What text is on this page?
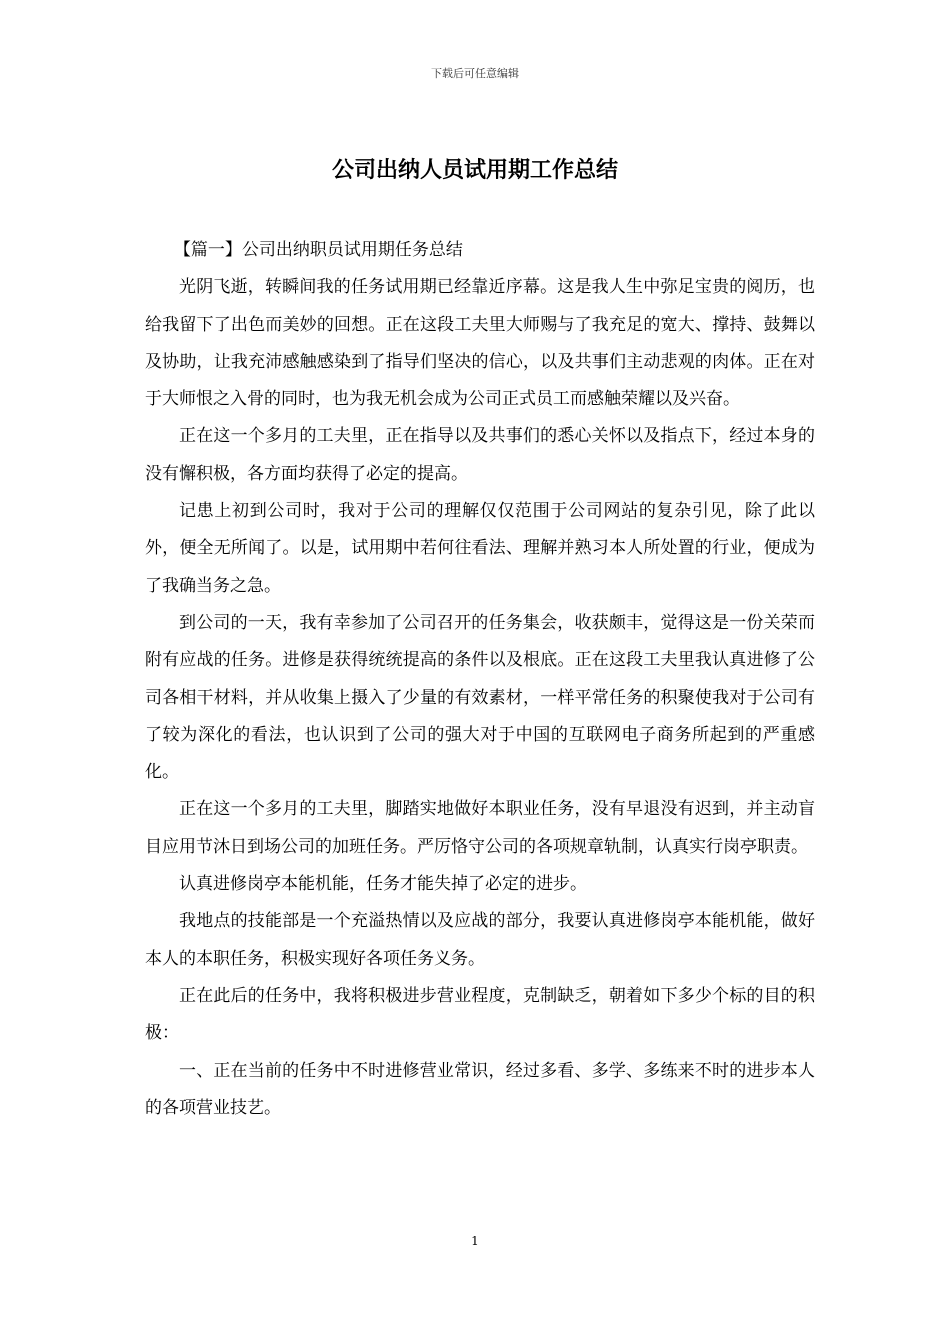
下载后可任意编辑
公司出纳人员试用期工作总结

【篇一】公司出纳职员试用期任务总结

光阴飞逝，转瞬间我的任务试用期已经靠近序幕。这是我人生中弥足宝贵的阅历，也给我留下了出色而美妙的回想。正在这段工夫里大师赐与了我充足的宽大、撑持、鼓舞以及协助，让我充沛感触感染到了指导们坚决的信心，以及共事们主动悲观的肉体。正在对于大师恨之入骨的同时，也为我无机会成为公司正式员工而感触荣耀以及兴奋。

正在这一个多月的工夫里，正在指导以及共事们的悉心关怀以及指点下，经过本身的没有懈积极，各方面均获得了必定的提高。

记患上初到公司时，我对于公司的理解仅仅范围于公司网站的复杂引见，除了此以外，便全无所闻了。以是，试用期中若何往看法、理解并熟习本人所处置的行业，便成为了我确当务之急。

到公司的一天，我有幸参加了公司召开的任务集会，收获颇丰，觉得这是一份关荣而附有应战的任务。进修是获得统统提高的条件以及根底。正在这段工夫里我认真进修了公司各相干材料，并从收集上摄入了少量的有效素材，一样平常任务的积聚使我对于公司有了较为深化的看法，也认识到了公司的强大对于中国的互联网电子商务所起到的严重感化。

正在这一个多月的工夫里，脚踏实地做好本职业任务，没有早退没有迟到，并主动盲目应用节沐日到场公司的加班任务。严厉恪守公司的各项规章轨制，认真实行岗亭职责。

认真进修岗亭本能机能，任务才能失掉了必定的进步。

我地点的技能部是一个充溢热情以及应战的部分，我要认真进修岗亭本能机能，做好本人的本职任务，积极实现好各项任务义务。

正在此后的任务中，我将积极进步营业程度，克制缺乏，朝着如下多少个标的目的积极：

一、正在当前的任务中不时进修营业常识，经过多看、多学、多练来不时的进步本人的各项营业技艺。

1
